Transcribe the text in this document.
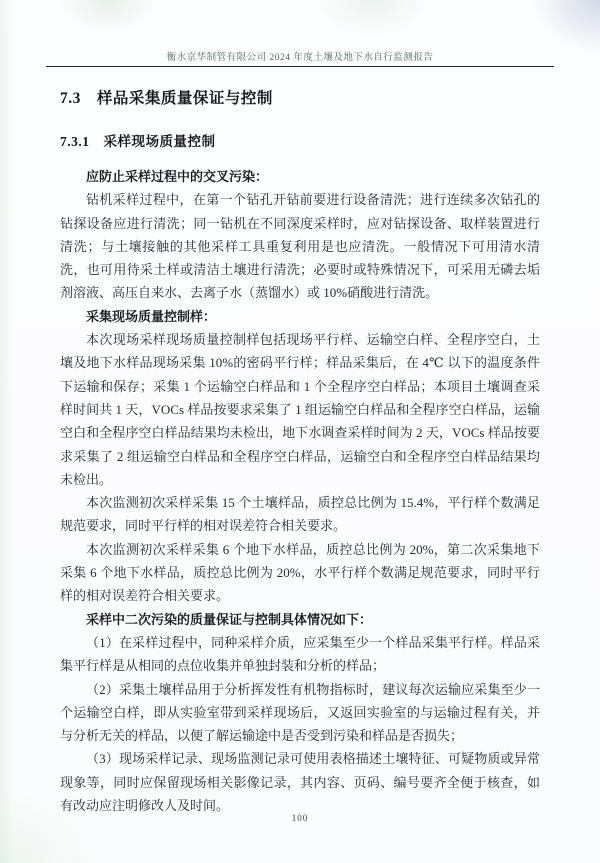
衡水京华制管有限公司 2024 年度土壤及地下水自行监测报告
7.3　样品采集质量保证与控制
7.3.1　采样现场质量控制

应防止采样过程中的交叉污染：

钻机采样过程中，在第一个钻孔开钻前要进行设备清洗；进行连续多次钻孔的钻探设备应进行清洗；同一钻机在不同深度采样时，应对钻探设备、取样装置进行清洗；与土壤接触的其他采样工具重复利用是也应清洗。一般情况下可用清水清洗，也可用待采土样或清洁土壤进行清洗；必要时或特殊情况下，可采用无磷去垢剂溶液、高压自来水、去离子水（蒸馏水）或 10%硝酸进行清洗。

采集现场质量控制样：

本次现场采样现场质量控制样包括现场平行样、运输空白样、全程序空白，土壤及地下水样品现场采集 10%的密码平行样；样品采集后，在 4℃ 以下的温度条件下运输和保存；采集 1 个运输空白样品和 1 个全程序空白样品；本项目土壤调查采样时间共 1 天，VOCs 样品按要求采集了 1 组运输空白样品和全程序空白样品，运输空白和全程序空白样品结果均未检出，地下水调查采样时间为 2 天，VOCs 样品按要求采集了 2 组运输空白样品和全程序空白样品，运输空白和全程序空白样品结果均未检出。

本次监测初次采样采集 15 个土壤样品，质控总比例为 15.4%，平行样个数满足规范要求，同时平行样的相对误差符合相关要求。

本次监测初次采样采集 6 个地下水样品，质控总比例为 20%，第二次采集地下采集 6 个地下水样品，质控总比例为 20%，水平行样个数满足规范要求，同时平行样的相对误差符合相关要求。

采样中二次污染的质量保证与控制具体情况如下：

（1）在采样过程中，同种采样介质，应采集至少一个样品采集平行样。样品采集平行样是从相同的点位收集并单独封装和分析的样品；

（2）采集土壤样品用于分析挥发性有机物指标时，建议每次运输应采集至少一个运输空白样，即从实验室带到采样现场后，又返回实验室的与运输过程有关，并与分析无关的样品，以便了解运输途中是否受到污染和样品是否损失；

（3）现场采样记录、现场监测记录可使用表格描述土壤特征、可疑物质或异常现象等，同时应保留现场相关影像记录，其内容、页码、编号要齐全便于核查，如有改动应注明修改人及时间。

100
